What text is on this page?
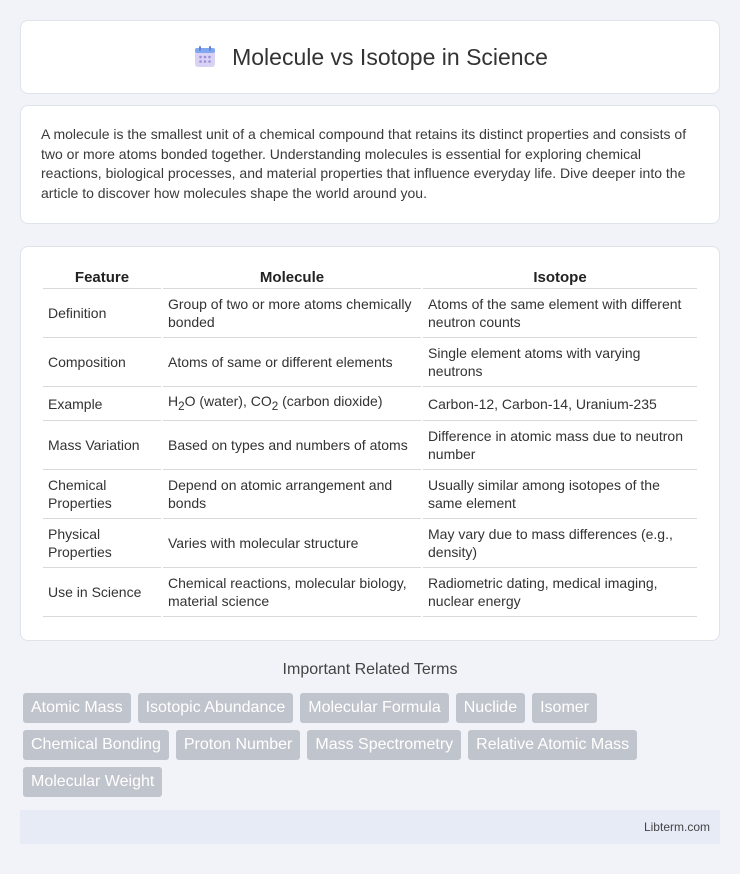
Molecule vs Isotope in Science

A molecule is the smallest unit of a chemical compound that retains its distinct properties and consists of two or more atoms bonded together. Understanding molecules is essential for exploring chemical reactions, biological processes, and material properties that influence everyday life. Dive deeper into the article to discover how molecules shape the world around you.

Feature	Molecule	Isotope
Definition	Group of two or more atoms chemically bonded	Atoms of the same element with different neutron counts
Composition	Atoms of same or different elements	Single element atoms with varying neutrons
Example	$H_2O$ (water), $CO_2$ (carbon dioxide)	Carbon-12, Carbon-14, Uranium-235
Mass Variation	Based on types and numbers of atoms	Difference in atomic mass due to neutron number
Chemical Properties	Depend on atomic arrangement and bonds	Usually similar among isotopes of the same element
Physical Properties	Varies with molecular structure	May vary due to mass differences (e.g., density)
Use in Science	Chemical reactions, molecular biology, material science	Radiometric dating, medical imaging, nuclear energy
Important Related Terms
Atomic Mass	Isotopic Abundance	Molecular Formula	Nuclide	Isomer
Chemical Bonding	Proton Number	Mass Spectrometry	Relative Atomic Mass
Molecular Weight
Libterm.com
